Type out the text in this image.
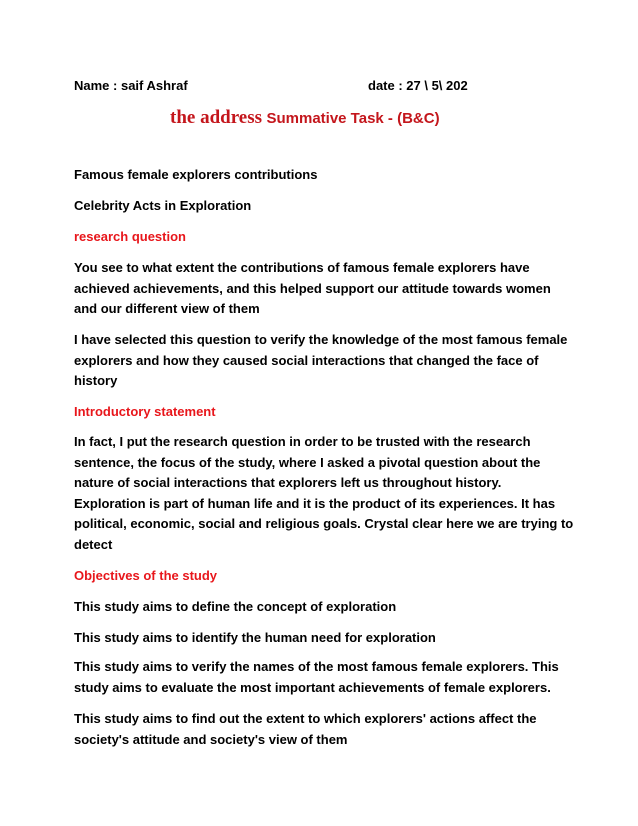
Name : saif Ashraf	date : 27 \ 5\ 202
the address Summative Task - (B&C)
Famous female explorers contributions
Celebrity Acts in Exploration
research question
You see to what extent the contributions of famous female explorers have
achieved achievements, and this helped support our attitude towards women
and our different view of them
I have selected this question to verify the knowledge of the most famous female
explorers and how they caused social interactions that changed the face of
history
Introductory statement
In fact, I put the research question in order to be trusted with the research
sentence, the focus of the study, where I asked a pivotal question about the
nature of social interactions that explorers left us throughout history.
Exploration is part of human life and it is the product of its experiences. It has
political, economic, social and religious goals. Crystal clear here we are trying to
detect
Objectives of the study
This study aims to define the concept of exploration
This study aims to identify the human need for exploration
This study aims to verify the names of the most famous female explorers. This
study aims to evaluate the most important achievements of female explorers.
This study aims to find out the extent to which explorers' actions affect the
society's attitude and society's view of them
